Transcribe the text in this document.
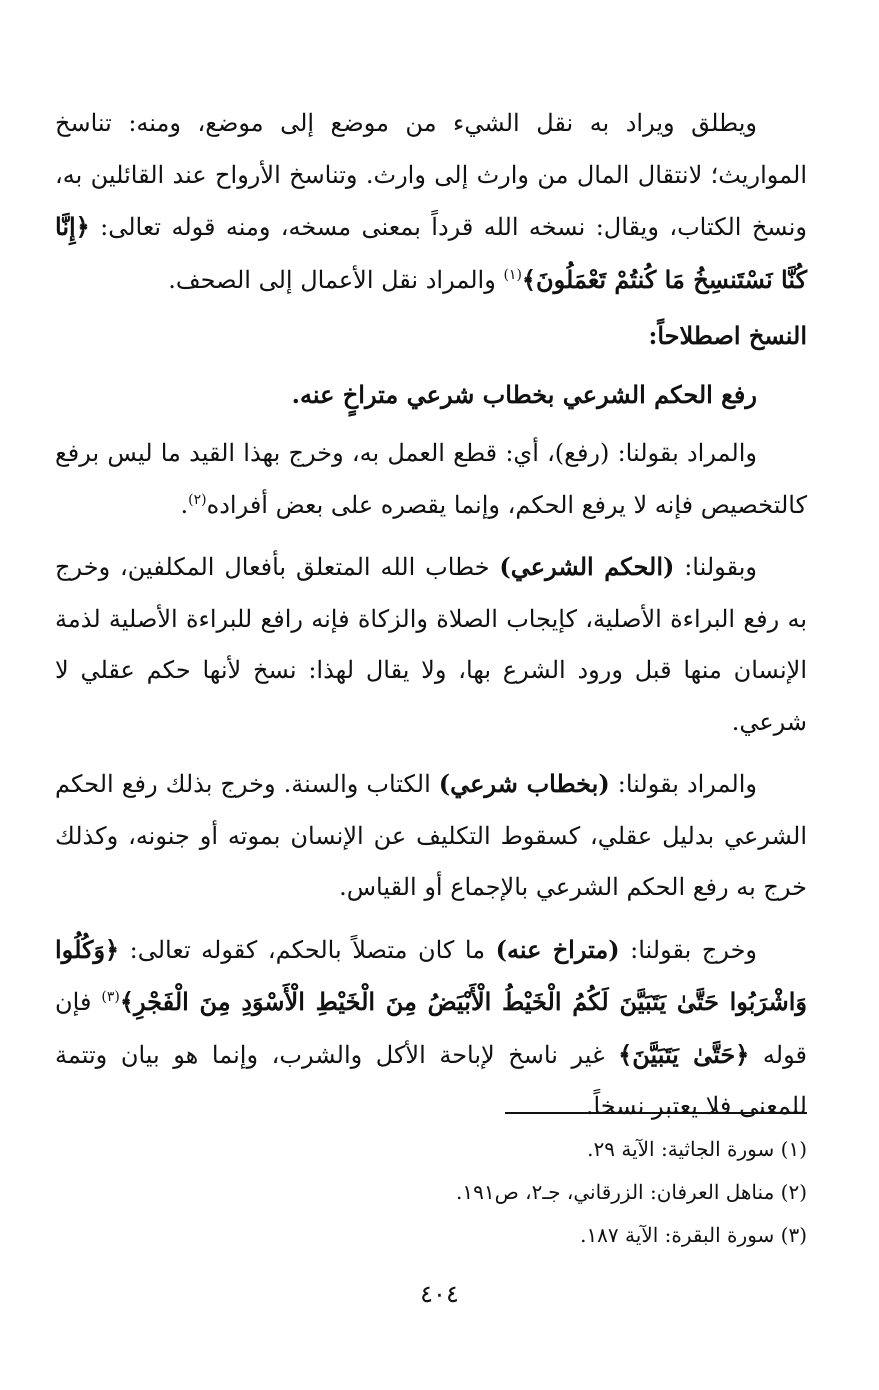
ويطلق ويراد به نقل الشيء من موضع إلى موضع، ومنه: تناسخ المواريث؛ لانتقال المال من وارث إلى وارث. وتناسخ الأرواح عند القائلين به، ونسخ الكتاب، ويقال: نسخه الله قرداً بمعنى مسخه، ومنه قوله تعالى: ﴿إِنَّا كُنَّا نَسْتَنسِخُ مَا كُنتُمْ تَعْمَلُونَ﴾$^{(١)}$ والمراد نقل الأعمال إلى الصحف.

النسخ اصطلاحاً:

رفع الحكم الشرعي بخطاب شرعي متراخٍ عنه.

والمراد بقولنا: (رفع)، أي: قطع العمل به، وخرج بهذا القيد ما ليس برفع كالتخصيص فإنه لا يرفع الحكم، وإنما يقصره على بعض أفراده$^{(٢)}$.

وبقولنا: (الحكم الشرعي) خطاب الله المتعلق بأفعال المكلفين، وخرج به رفع البراءة الأصلية، كإيجاب الصلاة والزكاة فإنه رافع للبراءة الأصلية لذمة الإنسان منها قبل ورود الشرع بها، ولا يقال لهذا: نسخ لأنها حكم عقلي لا شرعي.

والمراد بقولنا: (بخطاب شرعي) الكتاب والسنة. وخرج بذلك رفع الحكم الشرعي بدليل عقلي، كسقوط التكليف عن الإنسان بموته أو جنونه، وكذلك خرج به رفع الحكم الشرعي بالإجماع أو القياس.

وخرج بقولنا: (متراخ عنه) ما كان متصلاً بالحكم، كقوله تعالى: ﴿وَكُلُوا وَاشْرَبُوا حَتَّىٰ يَتَبَيَّنَ لَكُمُ الْخَيْطُ الْأَبْيَضُ مِنَ الْخَيْطِ الْأَسْوَدِ مِنَ الْفَجْرِ﴾$^{(٣)}$ فإن قوله ﴿حَتَّىٰ يَتَبَيَّنَ﴾ غير ناسخ لإباحة الأكل والشرب، وإنما هو بيان وتتمة للمعنى فلا يعتبر نسخاً.

(١) سورة الجاثية: الآية ٢٩.

(٢) مناهل العرفان: الزرقاني، جـ٢، ص١٩١.

(٣) سورة البقرة: الآية ١٨٧.

٤٠٤
